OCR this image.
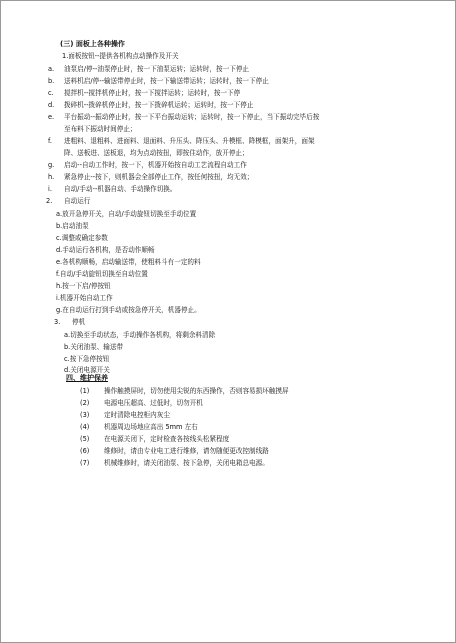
(三) 面板上各种操作
1.面板按钮--提供各机构点动操作及开关
a. 油泵启/停--油泵停止时，按一下油泵运转；运转时，按一下停止
b. 送料机启/停--输送带停止时，按一下输送带运转；运转时，按一下停止
c. 搅拌机--搅拌机停止时，按一下搅拌运转；运转时，按一下停
d. 拨碎机--拨碎机停止时，按一下拨碎机运转；运转时，按一下停止
e. 平台振动--振动停止时，按一下平台振动运转；运转时，按一下停止，当下振动完毕后按
至布料下振动时间停止；
f. 进粗料、退粗料、进面料、退面料、升压头、降压头、升模框、降模框，面架升，面架
降、送板进、送板退，均为点动按扭，即按住动作，放开停止；
g. 启动--自动工作时，按一下，机器开始按自动工艺流程自动工作
h. 紧急停止--按下，则机器会全部停止工作，按任何按扭，均无效；
i. 自动/手动--机器自动、手动操作切换。
2. 自动运行
a.放开急停开关，自动/手动旋钮切换至手动位置
b.启动油泵
c.调整或确定参数
d.手动运行各机构，是否动作顺畅
e.各机构顺畅，启动输送带，使粗料斗有一定的料
f.自动/手动旋钮切换至自动位置
h.按一下启/停按钮
i.机器开始自动工作
g.在自动运行打到手动或按急停开关，机器停止。
3. 停机
a.切换至手动状态，手动操作各机构，将剩余料清除
b.关闭油泵、输送带
c.按下急停按钮
d.关闭电源开关
四、维护保养
(1) 操作触摸屏时，切勿使用尖锐的东西操作，否则容易损坏触摸屏
(2) 电源电压超高、过低时，切勿开机
(3) 定时清除电控柜内灰尘
(4) 机器周边场地应高出 5mm 左右
(5) 在电源关闭下，定时检查各按线头松紧程度
(6) 维修时，请由专业电工进行维修，请勿随便更改控制线路
(7) 机械维修时，请关闭油泵、按下急停，关闭电箱总电源。
